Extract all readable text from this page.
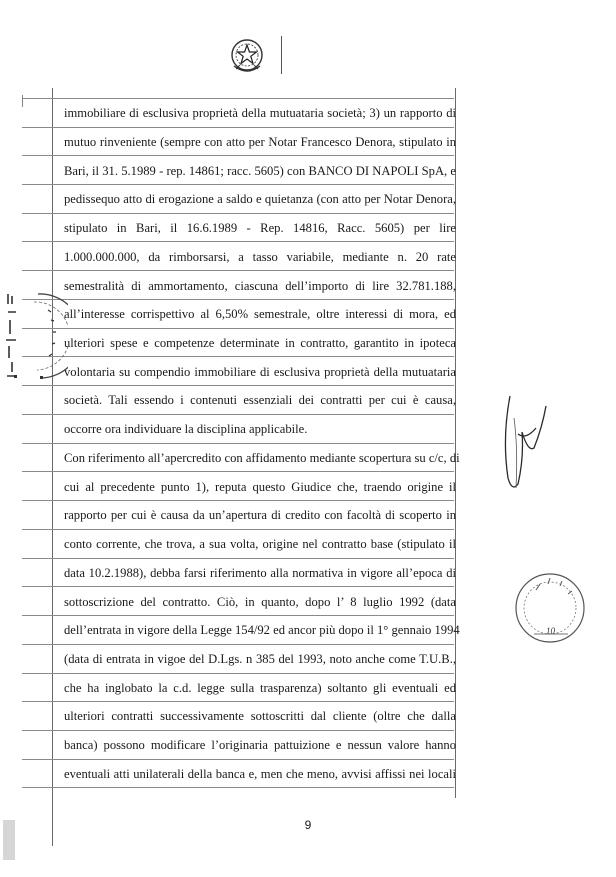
immobiliare di esclusiva proprietà della mutuataria società; 3) un rapporto di
mutuo rinveniente (sempre con atto per Notar Francesco Denora, stipulato in
Bari, il 31. 5.1989 - rep. 14861; racc. 5605) con BANCO DI NAPOLI SpA, e
pedissequo atto di erogazione a saldo e quietanza (con atto per Notar Denora,
stipulato in Bari, il 16.6.1989 - Rep. 14816, Racc. 5605) per lire
1.000.000.000, da rimborsarsi, a tasso variabile, mediante n. 20 rate
semestralità di ammortamento, ciascuna dell’importo di lire 32.781.188,
all’interesse corrispettivo al 6,50% semestrale, oltre interessi di mora, ed
ulteriori spese e competenze determinate in contratto, garantito in ipoteca
volontaria su compendio immobiliare di esclusiva proprietà della mutuataria
società. Tali essendo i contenuti essenziali dei contratti per cui è causa,
occorre ora individuare la disciplina applicabile.
Con riferimento all’apercredito con affidamento mediante scopertura su c/c, di
cui al precedente punto 1), reputa questo Giudice che, traendo origine il
rapporto per cui è causa da un’apertura di credito con facoltà di scoperto in
conto corrente, che trova, a sua volta, origine nel contratto base (stipulato il
data 10.2.1988), debba farsi riferimento alla normativa in vigore all’epoca di
sottoscrizione del contratto. Ciò, in quanto, dopo l’ 8 luglio 1992 (data
dell’entrata in vigore della Legge 154/92 ed ancor più dopo il 1° gennaio 1994
(data di entrata in vigoe del D.Lgs. n 385 del 1993, noto anche come T.U.B.,
che ha inglobato la c.d. legge sulla trasparenza) soltanto gli eventuali ed
ulteriori contratti successivamente sottoscritti dal cliente (oltre che dalla
banca) possono modificare l’originaria pattuizione e nessun valore hanno
eventuali atti unilaterali della banca e, men che meno, avvisi affissi nei locali
9
10
